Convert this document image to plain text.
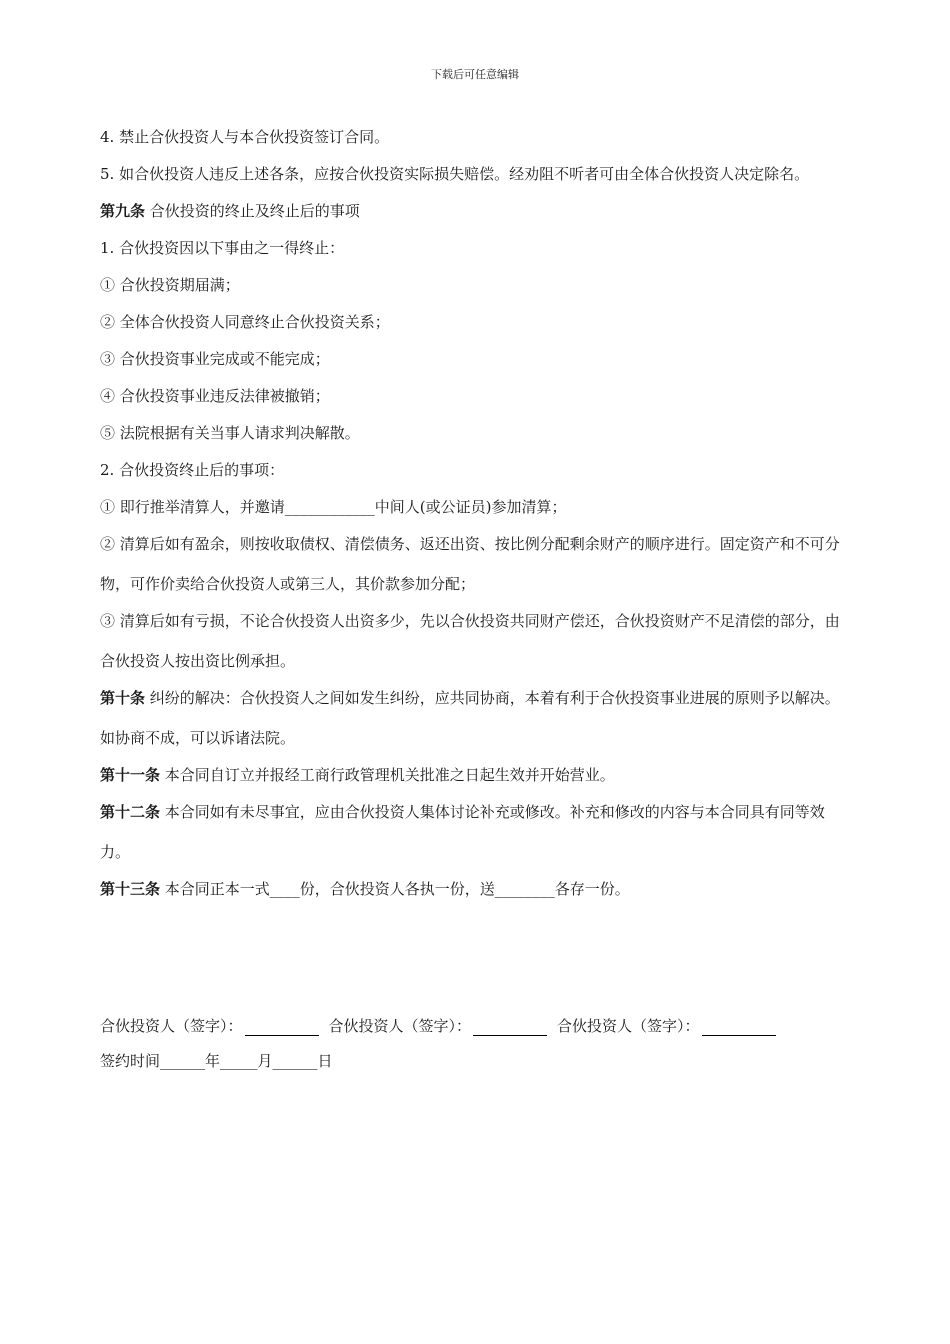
下载后可任意编辑
4. 禁止合伙投资人与本合伙投资签订合同。
5. 如合伙投资人违反上述各条，应按合伙投资实际损失赔偿。经劝阻不听者可由全体合伙投资人决定除名。
第九条 合伙投资的终止及终止后的事项
1. 合伙投资因以下事由之一得终止：
① 合伙投资期届满；
② 全体合伙投资人同意终止合伙投资关系；
③ 合伙投资事业完成或不能完成；
④ 合伙投资事业违反法律被撤销；
⑤ 法院根据有关当事人请求判决解散。
2. 合伙投资终止后的事项：
① 即行推举清算人，并邀请____________中间人(或公证员)参加清算；
② 清算后如有盈余，则按收取债权、清偿债务、返还出资、按比例分配剩余财产的顺序进行。固定资产和不可分物，可作价卖给合伙投资人或第三人，其价款参加分配；
③ 清算后如有亏损，不论合伙投资人出资多少，先以合伙投资共同财产偿还，合伙投资财产不足清偿的部分，由合伙投资人按出资比例承担。
第十条 纠纷的解决：合伙投资人之间如发生纠纷，应共同协商，本着有利于合伙投资事业进展的原则予以解决。如协商不成，可以诉诸法院。
第十一条 本合同自订立并报经工商行政管理机关批准之日起生效并开始营业。
第十二条 本合同如有未尽事宜，应由合伙投资人集体讨论补充或修改。补充和修改的内容与本合同具有同等效力。
第十三条 本合同正本一式____份，合伙投资人各执一份，送________各存一份。
合伙投资人（签字）：	合伙投资人（签字）：	合伙投资人（签字）：
签约时间______年_____月______日
